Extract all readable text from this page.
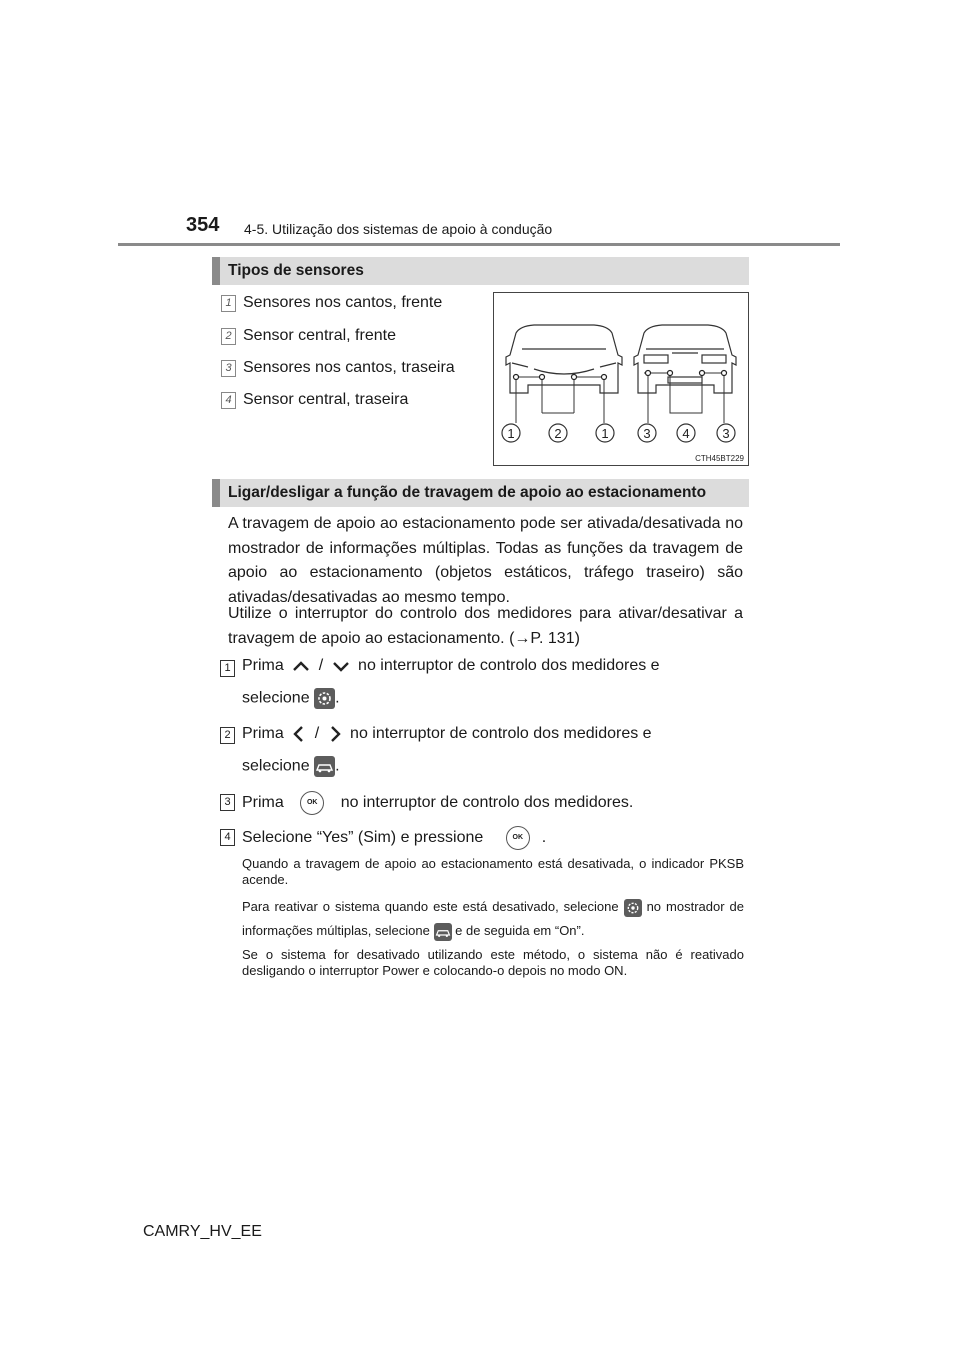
354 4-5. Utilização dos sistemas de apoio à condução
Tipos de sensores
1 Sensores nos cantos, frente
2 Sensor central, frente
3 Sensores nos cantos, traseira
4 Sensor central, traseira
1	2	1	3 4	3
CTH45BT229
Ligar/desligar a função de travagem de apoio ao estacionamento
A travagem de apoio ao estacionamento pode ser ativada/desativada no mostrador de informações múltiplas. Todas as funções da travagem de apoio ao estacionamento (objetos estáticos, tráfego traseiro) são ativadas/desativadas ao mesmo tempo.
Utilize o interruptor do controlo dos medidores para ativar/desativar a travagem de apoio ao estacionamento. (→P. 131)
1 Prima / no interruptor de controlo dos medidores e
selecione .
2 Prima / no interruptor de controlo dos medidores e
selecione .
3 Prima	OK no interruptor de controlo dos medidores.
4 Selecione “Yes” (Sim) e pressione	OK .
Quando a travagem de apoio ao estacionamento está desativada, o indicador PKSB acende.
Para reativar o sistema quando este está desativado, selecione no mostrador de informações múltiplas, selecione e de seguida em “On”.
Se o sistema for desativado utilizando este método, o sistema não é reativado desligando o interruptor Power e colocando-o depois no modo ON.
CAMRY_HV_EE
